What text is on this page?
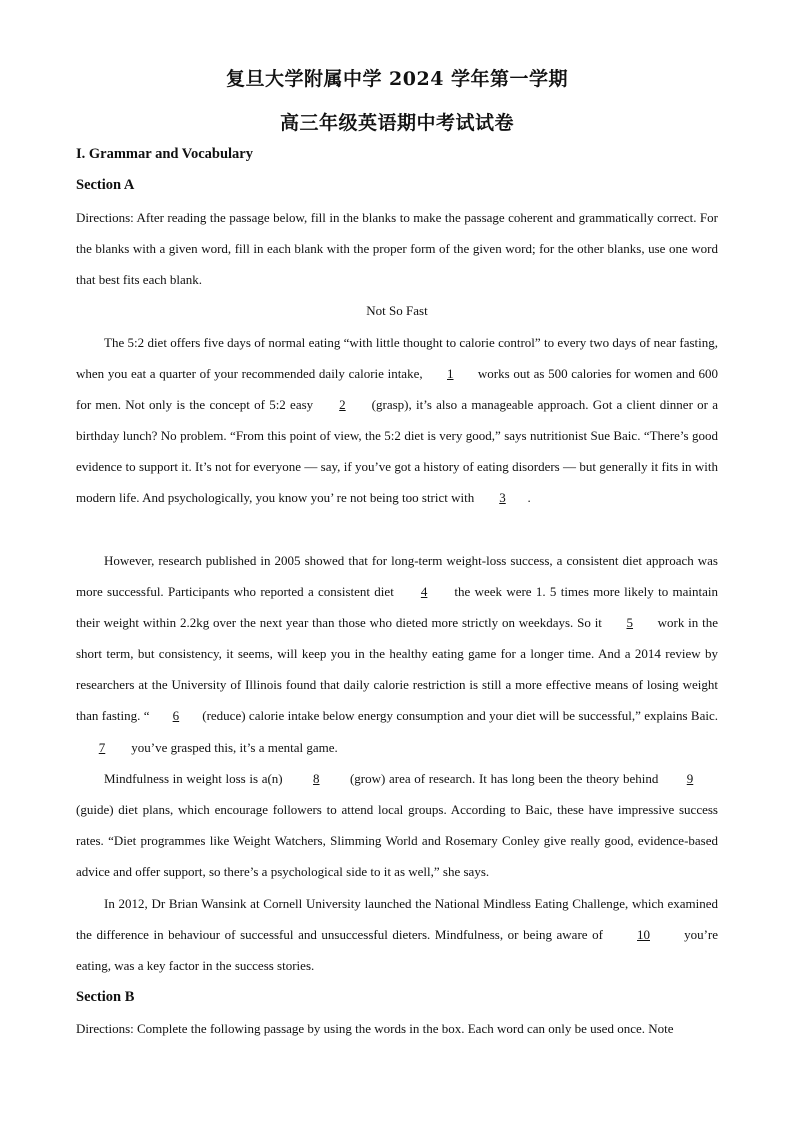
复旦大学附属中学 2024 学年第一学期
高三年级英语期中考试试卷
I. Grammar and Vocabulary
Section A

Directions: After reading the passage below, fill in the blanks to make the passage coherent and grammatically correct. For the blanks with a given word, fill in each blank with the proper form of the given word; for the other blanks, use one word that best fits each blank.

Not So Fast

The 5:2 diet offers five days of normal eating “with little thought to calorie control” to every two days of near fasting, when you eat a quarter of your recommended daily calorie intake, 1 works out as 500 calories for women and 600 for men. Not only is the concept of 5:2 easy 2 (grasp), it’s also a manageable approach. Got a client dinner or a birthday lunch? No problem. “From this point of view, the 5:2 diet is very good,” says nutritionist Sue Baic. “There’s good evidence to support it. It’s not for everyone — say, if you’ve got a history of eating disorders — but generally it fits in with modern life. And psychologically, you know you’ re not being too strict with 3 .

However, research published in 2005 showed that for long-term weight-loss success, a consistent diet approach was more successful. Participants who reported a consistent diet 4 the week were 1. 5 times more likely to maintain their weight within 2.2kg over the next year than those who dieted more strictly on weekdays. So it 5 work in the short term, but consistency, it seems, will keep you in the healthy eating game for a longer time. And a 2014 review by researchers at the University of Illinois found that daily calorie restriction is still a more effective means of losing weight than fasting. “ 6 (reduce) calorie intake below energy consumption and your diet will be successful,” explains Baic. 7 you’ve grasped this, it’s a mental game.

Mindfulness in weight loss is a(n) 8 (grow) area of research. It has long been the theory behind 9 (guide) diet plans, which encourage followers to attend local groups. According to Baic, these have impressive success rates. “Diet programmes like Weight Watchers, Slimming World and Rosemary Conley give really good, evidence-based advice and offer support, so there’s a psychological side to it as well,” she says.

In 2012, Dr Brian Wansink at Cornell University launched the National Mindless Eating Challenge, which examined the difference in behaviour of successful and unsuccessful dieters. Mindfulness, or being aware of 10 you’re eating, was a key factor in the success stories.

Section B

Directions: Complete the following passage by using the words in the box. Each word can only be used once. Note
